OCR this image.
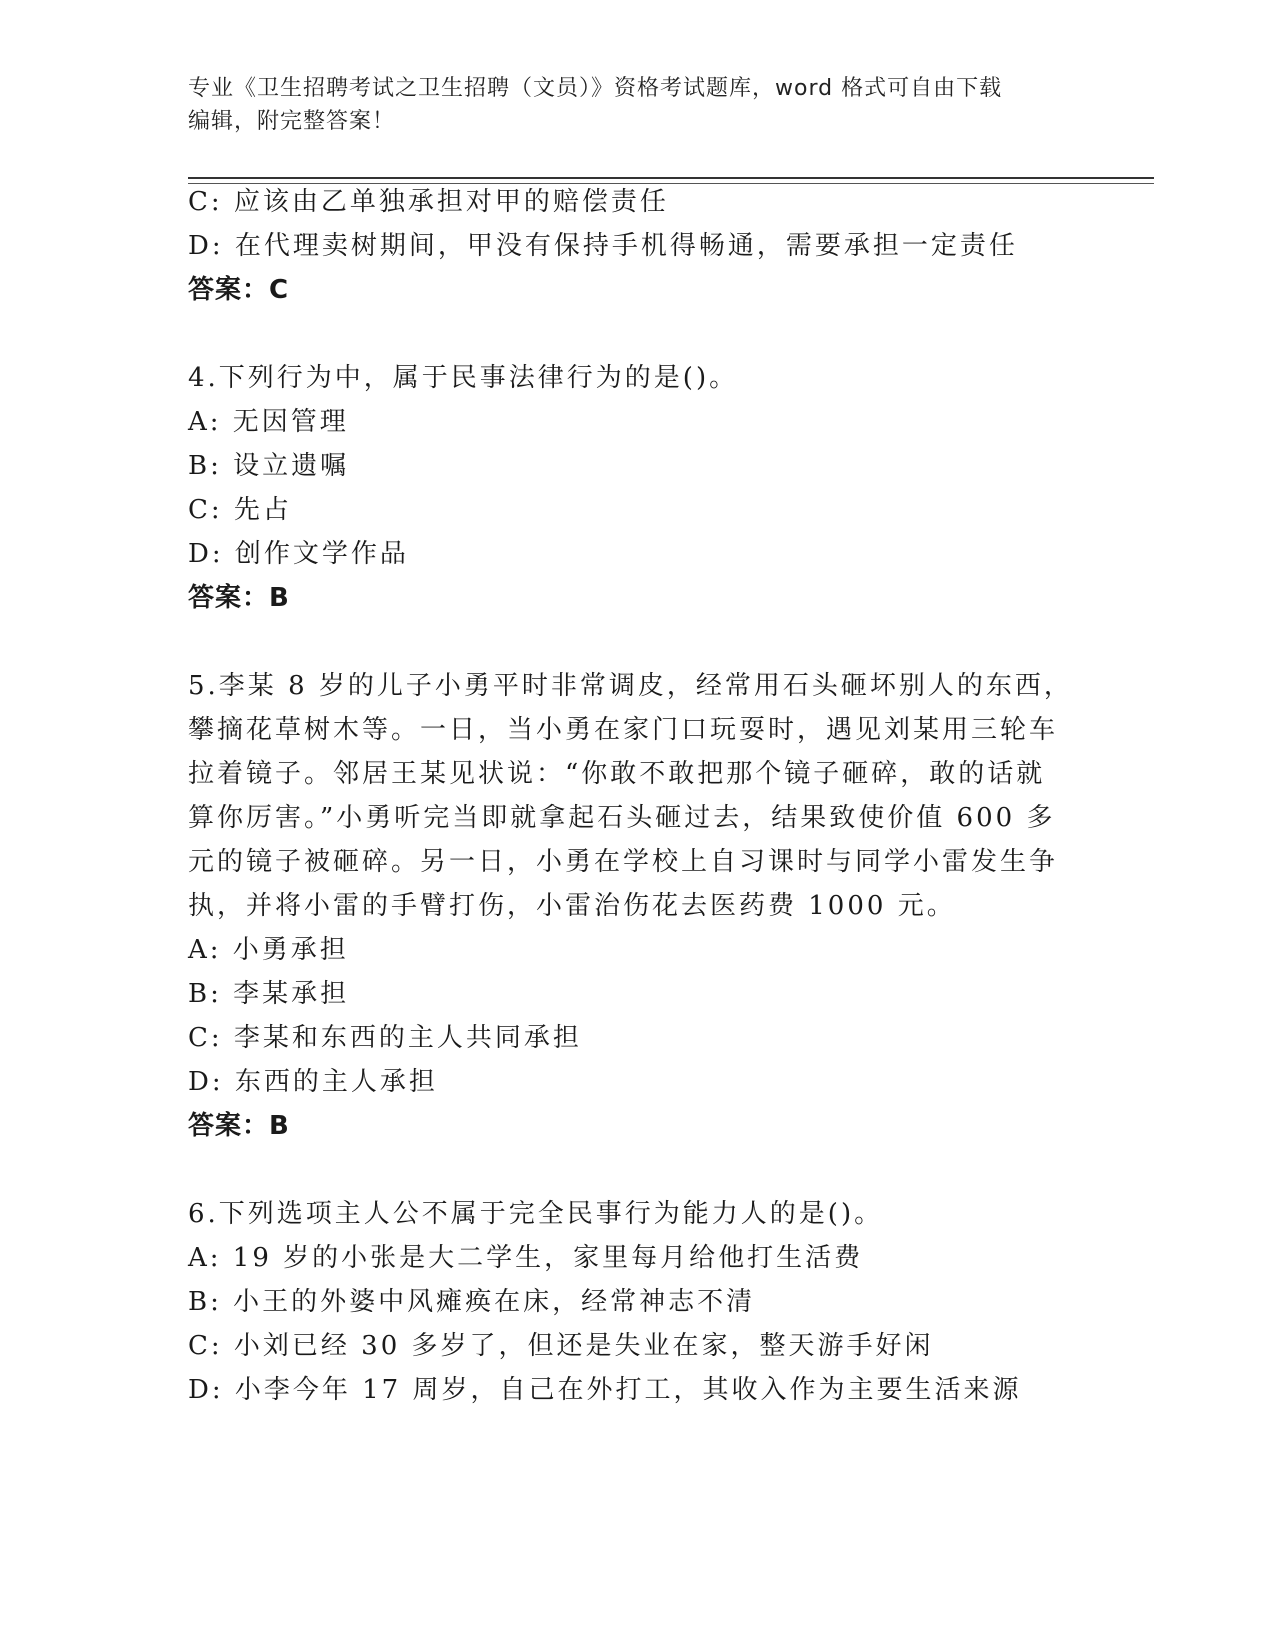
专业《卫生招聘考试之卫生招聘（文员）》资格考试题库，word 格式可自由下载
编辑，附完整答案！
C: 应该由乙单独承担对甲的赔偿责任
D: 在代理卖树期间，甲没有保持手机得畅通，需要承担一定责任
答案：C
4.下列行为中，属于民事法律行为的是()。
A: 无因管理
B: 设立遗嘱
C: 先占
D: 创作文学作品
答案：B
5.李某 8 岁的儿子小勇平时非常调皮，经常用石头砸坏别人的东西，
攀摘花草树木等。一日，当小勇在家门口玩耍时，遇见刘某用三轮车
拉着镜子。邻居王某见状说：“你敢不敢把那个镜子砸碎，敢的话就
算你厉害。”小勇听完当即就拿起石头砸过去，结果致使价值 600 多
元的镜子被砸碎。另一日，小勇在学校上自习课时与同学小雷发生争
执，并将小雷的手臂打伤，小雷治伤花去医药费 1000 元。
A: 小勇承担
B: 李某承担
C: 李某和东西的主人共同承担
D: 东西的主人承担
答案：B
6.下列选项主人公不属于完全民事行为能力人的是()。
A: 19 岁的小张是大二学生，家里每月给他打生活费
B: 小王的外婆中风瘫痪在床，经常神志不清
C: 小刘已经 30 多岁了，但还是失业在家，整天游手好闲
D: 小李今年 17 周岁，自己在外打工，其收入作为主要生活来源
